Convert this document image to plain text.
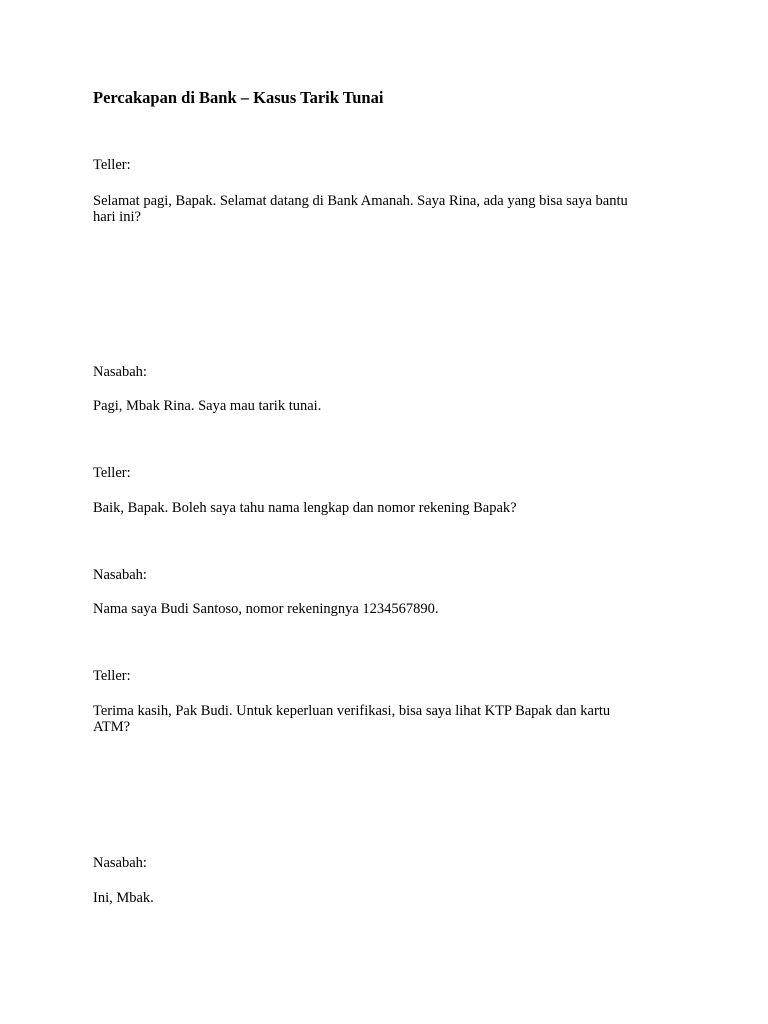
Percakapan di Bank – Kasus Tarik Tunai
Teller:
Selamat pagi, Bapak. Selamat datang di Bank Amanah. Saya Rina, ada yang bisa saya bantu
hari ini?
Nasabah:
Pagi, Mbak Rina. Saya mau tarik tunai.
Teller:
Baik, Bapak. Boleh saya tahu nama lengkap dan nomor rekening Bapak?
Nasabah:
Nama saya Budi Santoso, nomor rekeningnya 1234567890.
Teller:
Terima kasih, Pak Budi. Untuk keperluan verifikasi, bisa saya lihat KTP Bapak dan kartu
ATM?
Nasabah:
Ini, Mbak.
